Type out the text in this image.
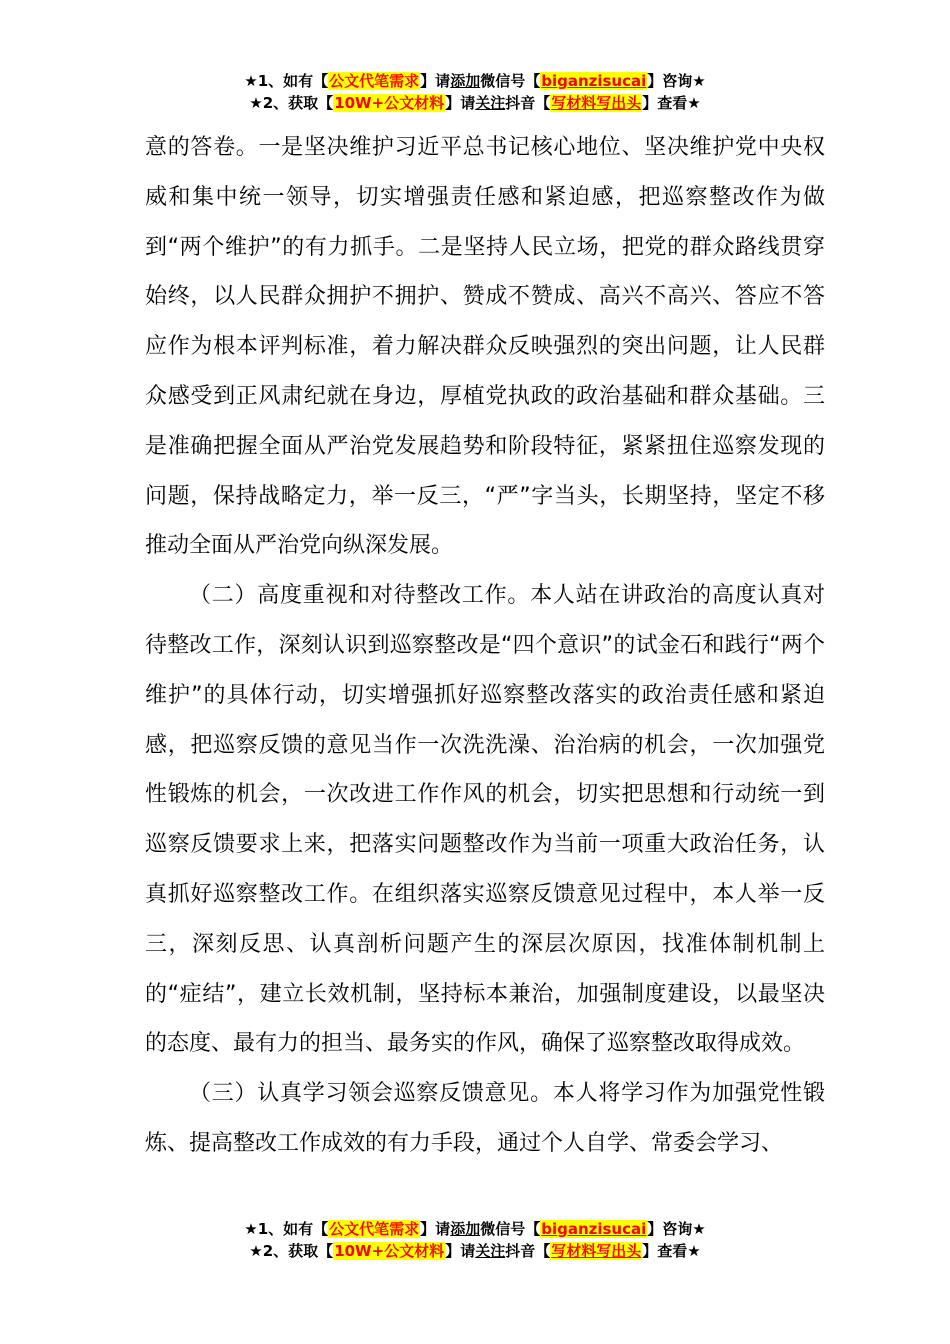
★1、如有【公文代笔需求】请添加微信号【biganzisucai】咨询★
★2、获取【10W+公文材料】请关注抖音【写材料写出头】查看★

意的答卷。一是坚决维护习近平总书记核心地位、坚决维护党中央权威和集中统一领导，切实增强责任感和紧迫感，把巡察整改作为做到“两个维护”的有力抓手。二是坚持人民立场，把党的群众路线贯穿始终，以人民群众拥护不拥护、赞成不赞成、高兴不高兴、答应不答应作为根本评判标准，着力解决群众反映强烈的突出问题，让人民群众感受到正风肃纪就在身边，厚植党执政的政治基础和群众基础。三是准确把握全面从严治党发展趋势和阶段特征，紧紧扭住巡察发现的问题，保持战略定力，举一反三，“严”字当头，长期坚持，坚定不移推动全面从严治党向纵深发展。

（二）高度重视和对待整改工作。本人站在讲政治的高度认真对待整改工作，深刻认识到巡察整改是“四个意识”的试金石和践行“两个维护”的具体行动，切实增强抓好巡察整改落实的政治责任感和紧迫感，把巡察反馈的意见当作一次洗洗澡、治治病的机会，一次加强党性锻炼的机会，一次改进工作作风的机会，切实把思想和行动统一到巡察反馈要求上来，把落实问题整改作为当前一项重大政治任务，认真抓好巡察整改工作。在组织落实巡察反馈意见过程中，本人举一反三，深刻反思、认真剖析问题产生的深层次原因，找准体制机制上的“症结”，建立长效机制，坚持标本兼治，加强制度建设，以最坚决的态度、最有力的担当、最务实的作风，确保了巡察整改取得成效。

（三）认真学习领会巡察反馈意见。本人将学习作为加强党性锻炼、提高整改工作成效的有力手段，通过个人自学、常委会学习、

★1、如有【公文代笔需求】请添加微信号【biganzisucai】咨询★
★2、获取【10W+公文材料】请关注抖音【写材料写出头】查看★
